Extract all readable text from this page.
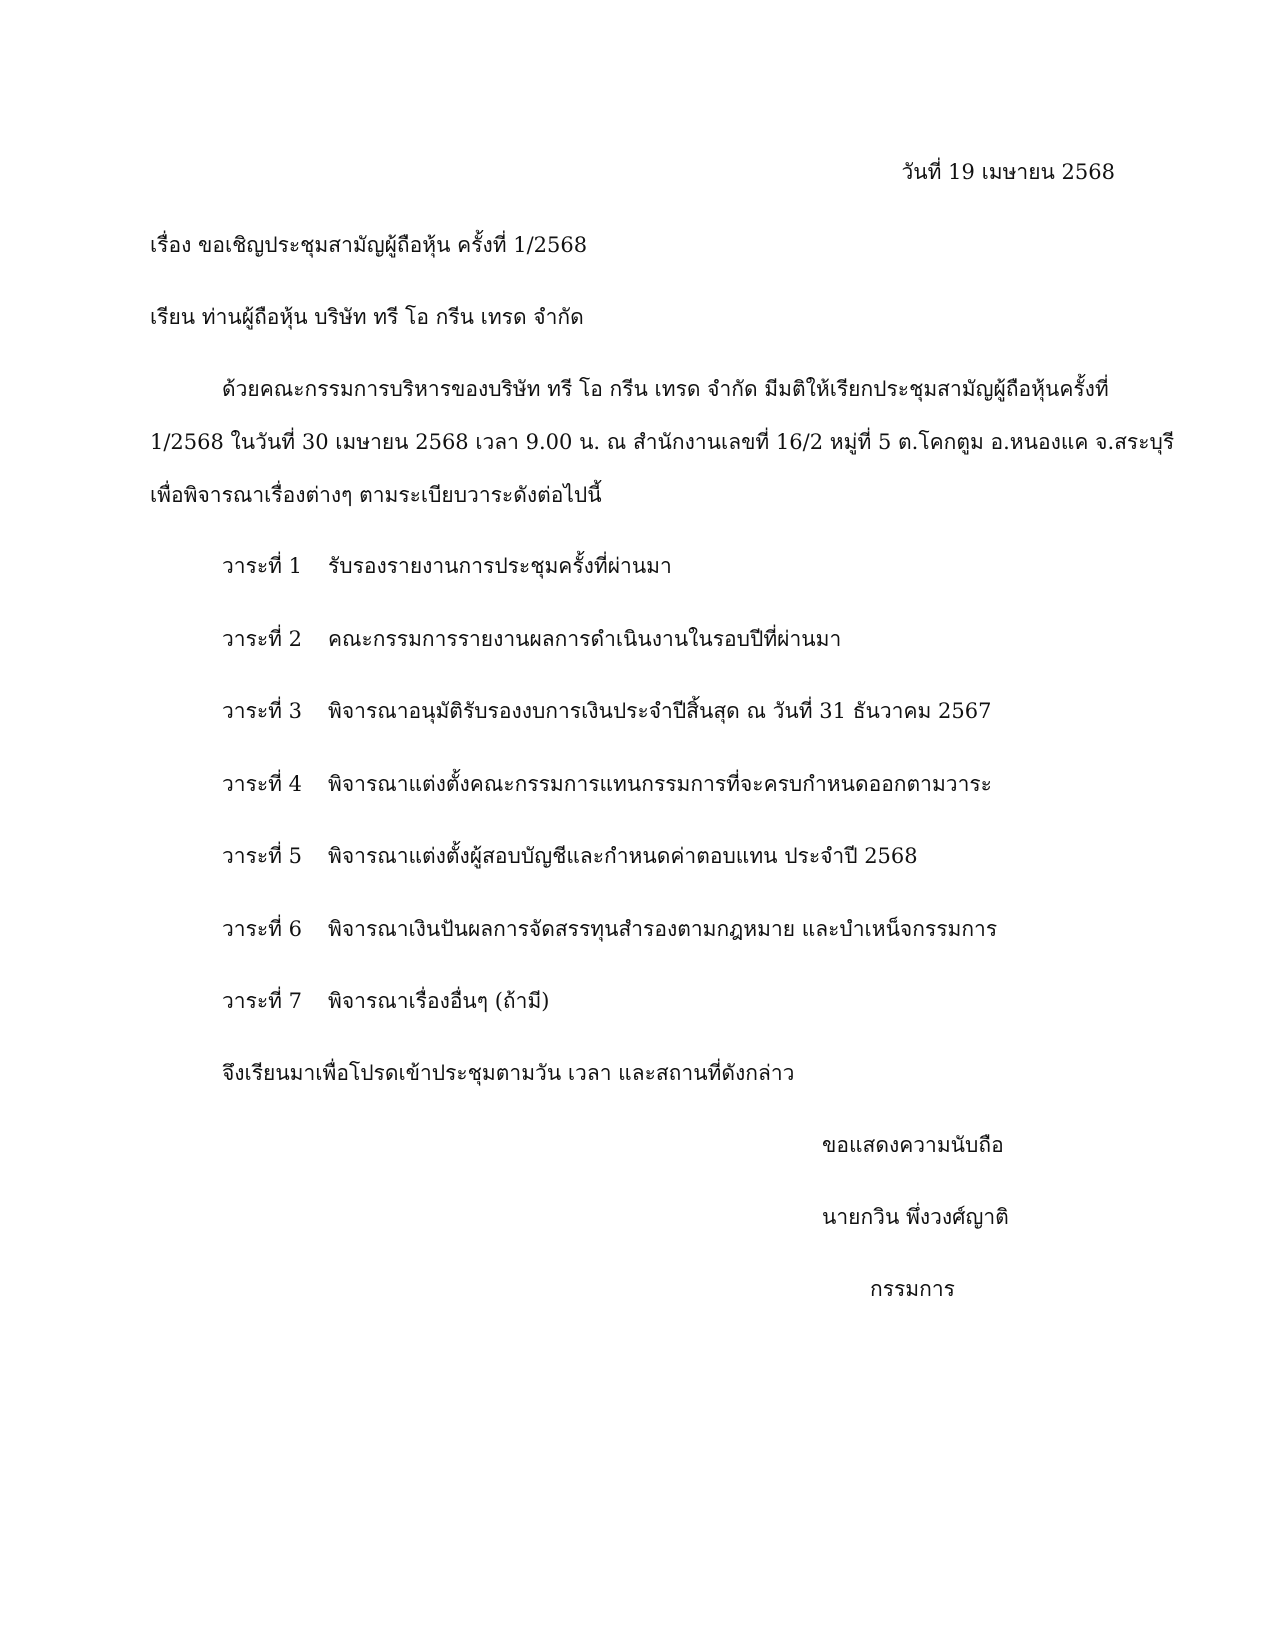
วันที่ 19 เมษายน 2568
เรื่อง ขอเชิญประชุมสามัญผู้ถือหุ้น ครั้งที่ 1/2568
เรียน ท่านผู้ถือหุ้น บริษัท ทรี โอ กรีน เทรด จำกัด
ด้วยคณะกรรมการบริหารของบริษัท ทรี โอ กรีน เทรด จำกัด มีมติให้เรียกประชุมสามัญผู้ถือหุ้นครั้งที่
1/2568 ในวันที่ 30 เมษายน 2568 เวลา 9.00 น. ณ สำนักงานเลขที่ 16/2 หมู่ที่ 5 ต.โคกตูม อ.หนองแค จ.สระบุรี
เพื่อพิจารณาเรื่องต่างๆ ตามระเบียบวาระดังต่อไปนี้
วาระที่ 1	รับรองรายงานการประชุมครั้งที่ผ่านมา
วาระที่ 2	คณะกรรมการรายงานผลการดำเนินงานในรอบปีที่ผ่านมา
วาระที่ 3	พิจารณาอนุมัติรับรองงบการเงินประจำปีสิ้นสุด ณ วันที่ 31 ธันวาคม 2567
วาระที่ 4	พิจารณาแต่งตั้งคณะกรรมการแทนกรรมการที่จะครบกำหนดออกตามวาระ
วาระที่ 5	พิจารณาแต่งตั้งผู้สอบบัญชีและกำหนดค่าตอบแทน ประจำปี 2568
วาระที่ 6	พิจารณาเงินปันผลการจัดสรรทุนสำรองตามกฎหมาย และบำเหน็จกรรมการ
วาระที่ 7	พิจารณาเรื่องอื่นๆ (ถ้ามี)
จึงเรียนมาเพื่อโปรดเข้าประชุมตามวัน เวลา และสถานที่ดังกล่าว
ขอแสดงความนับถือ
นายกวิน พึ่งวงศ์ญาติ
กรรมการ
